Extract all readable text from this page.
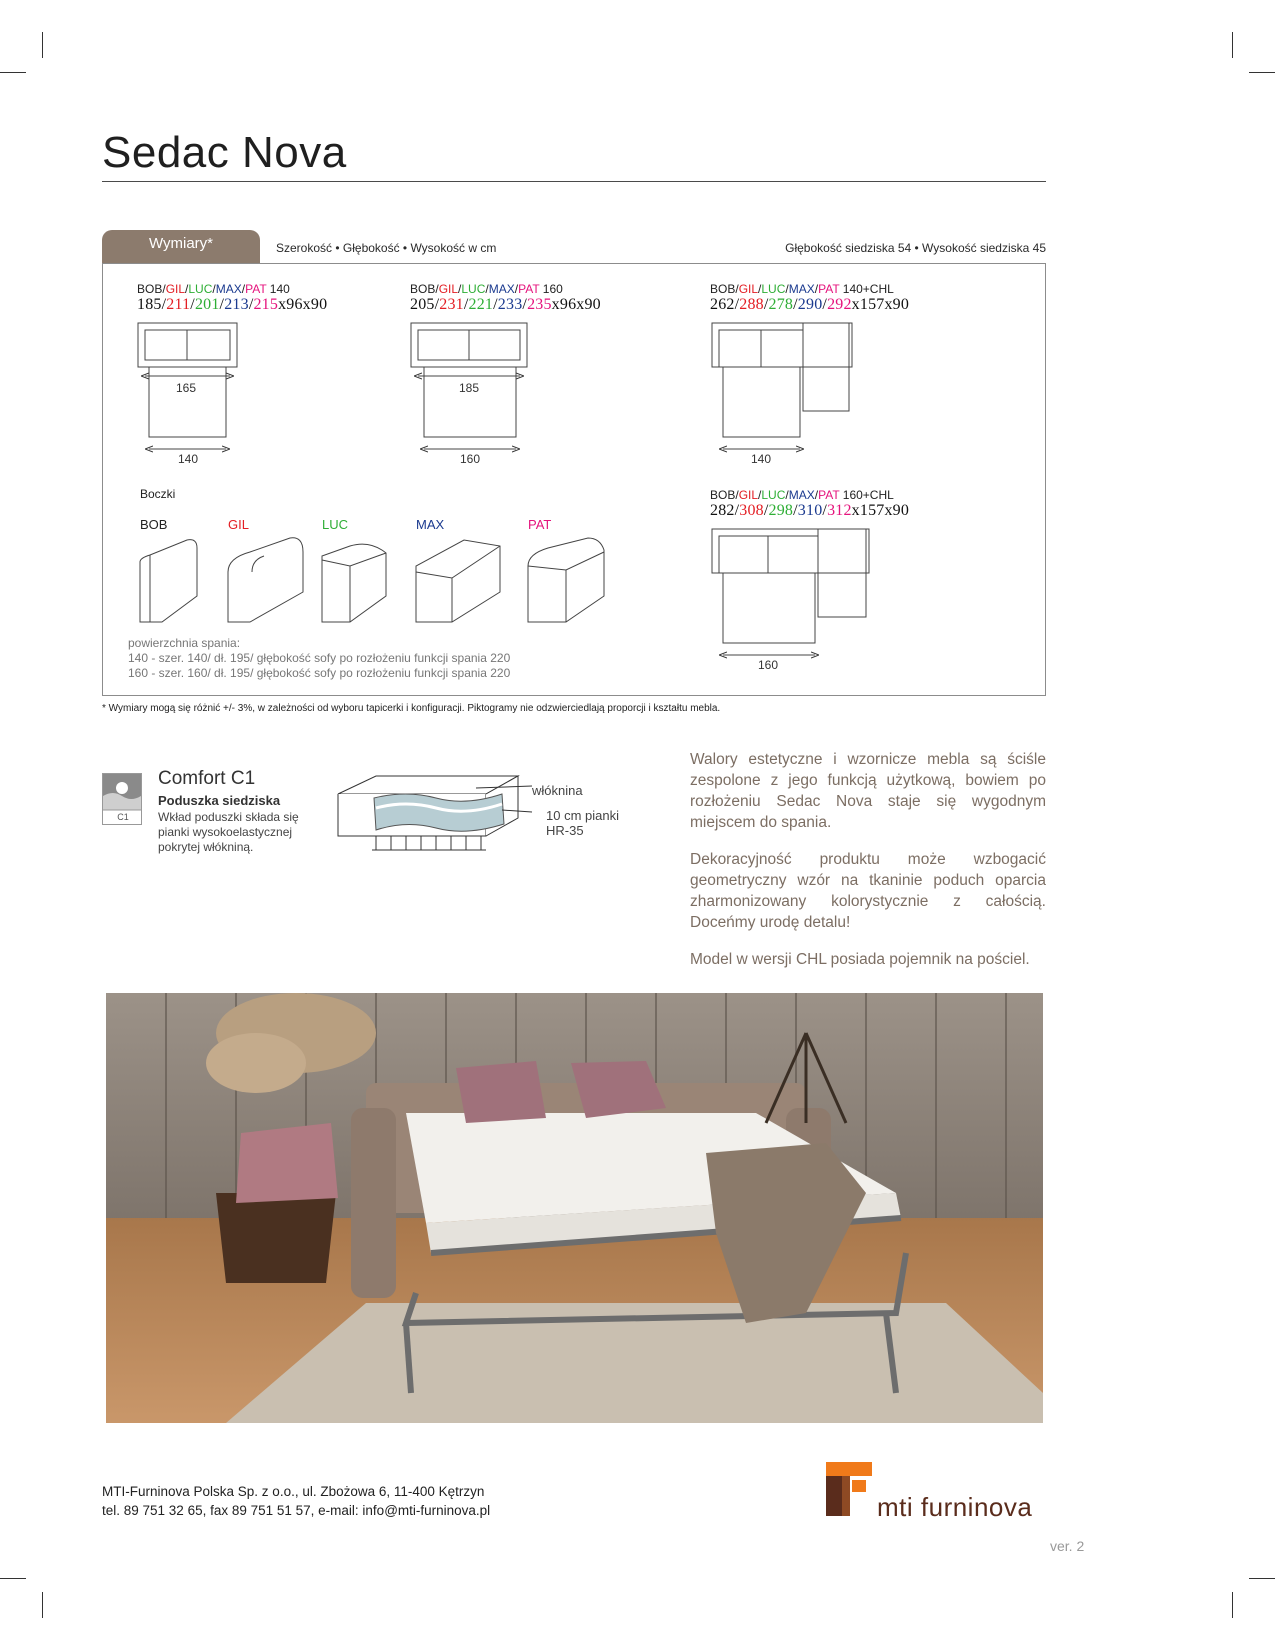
Sedac Nova
Wymiary*	Szerokość • Głębokość • Wysokość w cm	Głębokość siedziska 54 • Wysokość siedziska 45
BOB/GIL/LUC/MAX/PAT 140
185/211/201/213/215x96x90
BOB/GIL/LUC/MAX/PAT 160
205/231/221/233/235x96x90
BOB/GIL/LUC/MAX/PAT 140+CHL
262/288/278/290/292x157x90
BOB/GIL/LUC/MAX/PAT 160+CHL
282/308/298/310/312x157x90
165
140
185
160	140
160
Boczki
BOB	GIL	LUC	MAX	PAT
powierzchnia spania:
140 - szer. 140/ dł. 195/ głębokość sofy po rozłożeniu funkcji spania 220
160 - szer. 160/ dł. 195/ głębokość sofy po rozłożeniu funkcji spania 220
* Wymiary mogą się różnić +/- 3%, w zależności od wyboru tapicerki i konfiguracji. Piktogramy nie odzwierciedlają proporcji i kształtu mebla.
C1
Comfort C1
Poduszka siedziska
Wkład poduszki składa się pianki wysokoelastycznej pokrytej włókniną.
włóknina
10 cm pianki
HR-35
Walory estetyczne i wzornicze mebla są ściśle zespolone z jego funkcją użytkową, bowiem po rozłożeniu Sedac Nova staje się wygodnym miejscem do spania.
Dekoracyjność produktu może wzbogacić geometryczny wzór na tkaninie poduch oparcia zharmonizowany kolorystycznie z całością. Doceńmy urodę detalu!
Model w wersji CHL posiada pojemnik na pościel.
MTI-Furninova Polska Sp. z o.o., ul. Zbożowa 6, 11-400 Kętrzyn
tel. 89 751 32 65, fax 89 751 51 57, e-mail: info@mti-furninova.pl	mti furninova
ver. 2
